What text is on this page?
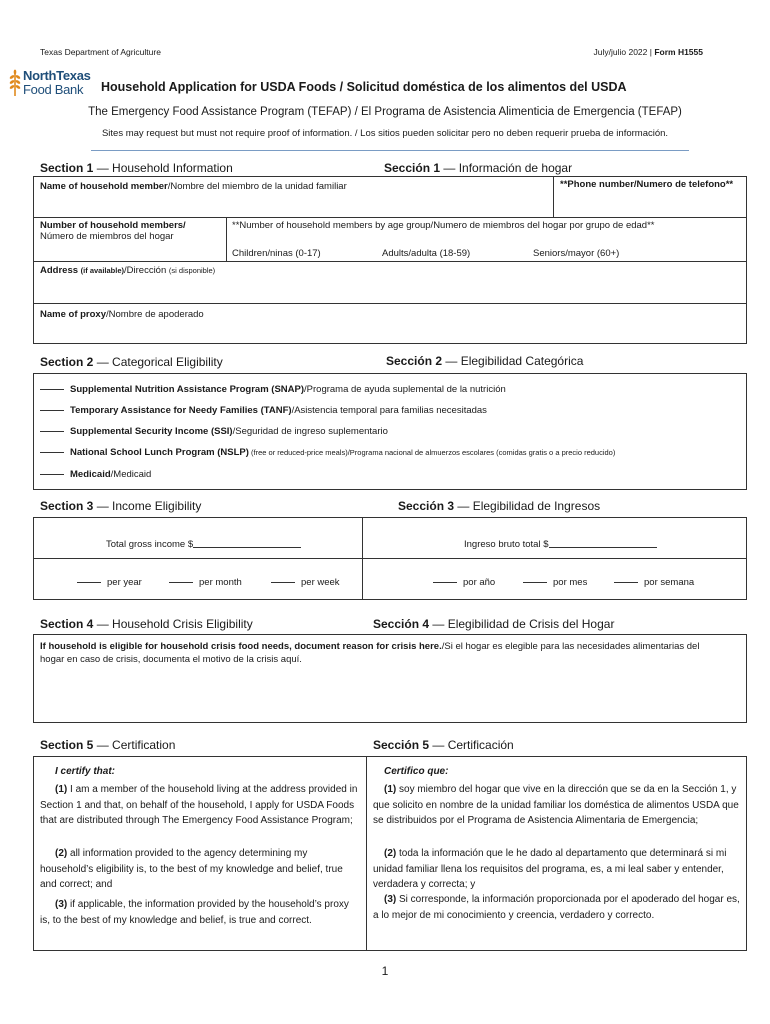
Texas Department of Agriculture	July/julio 2022 | Form H1555
NorthTexas
Food Bank Household Application for USDA Foods / Solicitud doméstica de los alimentos del USDA
The Emergency Food Assistance Program (TEFAP) / El Programa de Asistencia Alimenticia de Emergencia (TEFAP)
Sites may request but must not require proof of information. / Los sitios pueden solicitar pero no deben requerir prueba de información.
Section 1 — Household Information	Sección 1 — Información de hogar
Name of household member/Nombre del miembro de la unidad familiar	**Phone number/Numero de telefono**
Number of household members/
Número de miembros del hogar
**Number of household members by age group/Numero de miembros del hogar por grupo de edad**
Children/ninas (0-17)	Adults/adulta (18-59)	Seniors/mayor (60+)
Address (if available)/Dirección (si disponible)
Name of proxy/Nombre de apoderado
Section 2 — Categorical Eligibility	Sección 2 — Elegibilidad Categórica
Supplemental Nutrition Assistance Program (SNAP)/Programa de ayuda suplemental de la nutrición
Temporary Assistance for Needy Families (TANF)/Asistencia temporal para familias necesitadas
Supplemental Security Income (SSI)/Seguridad de ingreso suplementario
National School Lunch Program (NSLP) (free or reduced-price meals)/Programa nacional de almuerzos escolares (comidas gratis o a precio reducido)
Medicaid/Medicaid
Section 3 — Income Eligibility	Sección 3 — Elegibilidad de Ingresos
Total gross income $	Ingreso bruto total $
per year	per month	per week	por año	por mes	por semana
Section 4 — Household Crisis Eligibility	Sección 4 — Elegibilidad de Crisis del Hogar
If household is eligible for household crisis food needs, document reason for crisis here./Si el hogar es elegible para las necesidades alimentarias del hogar en caso de crisis, documenta el motivo de la crisis aquí.
Section 5 — Certification	Sección 5 — Certificación
I certify that:	Certifico que:
(1) I am a member of the household living at the address provided in Section 1 and that, on behalf of the household, I apply for USDA Foods that are distributed through The Emergency Food Assistance Program;
(2) all information provided to the agency determining my household’s eligibility is, to the best of my knowledge and belief, true and correct; and
(3) if applicable, the information provided by the household’s proxy is, to the best of my knowledge and belief, is true and correct.
(1) soy miembro del hogar que vive en la dirección que se da en la Sección 1, y que solicito en nombre de la unidad familiar los doméstica de alimentos USDA que se distribuidos por el Programa de Asistencia Alimentaria de Emergencia;
(2) toda la información que le he dado al departamento que determinará si mi unidad familiar llena los requisitos del programa, es, a mi leal saber y entender, verdadera y correcta; y
(3) Si corresponde, la información proporcionada por el apoderado del hogar es, a lo mejor de mi conocimiento y creencia, verdadero y correcto.
1
